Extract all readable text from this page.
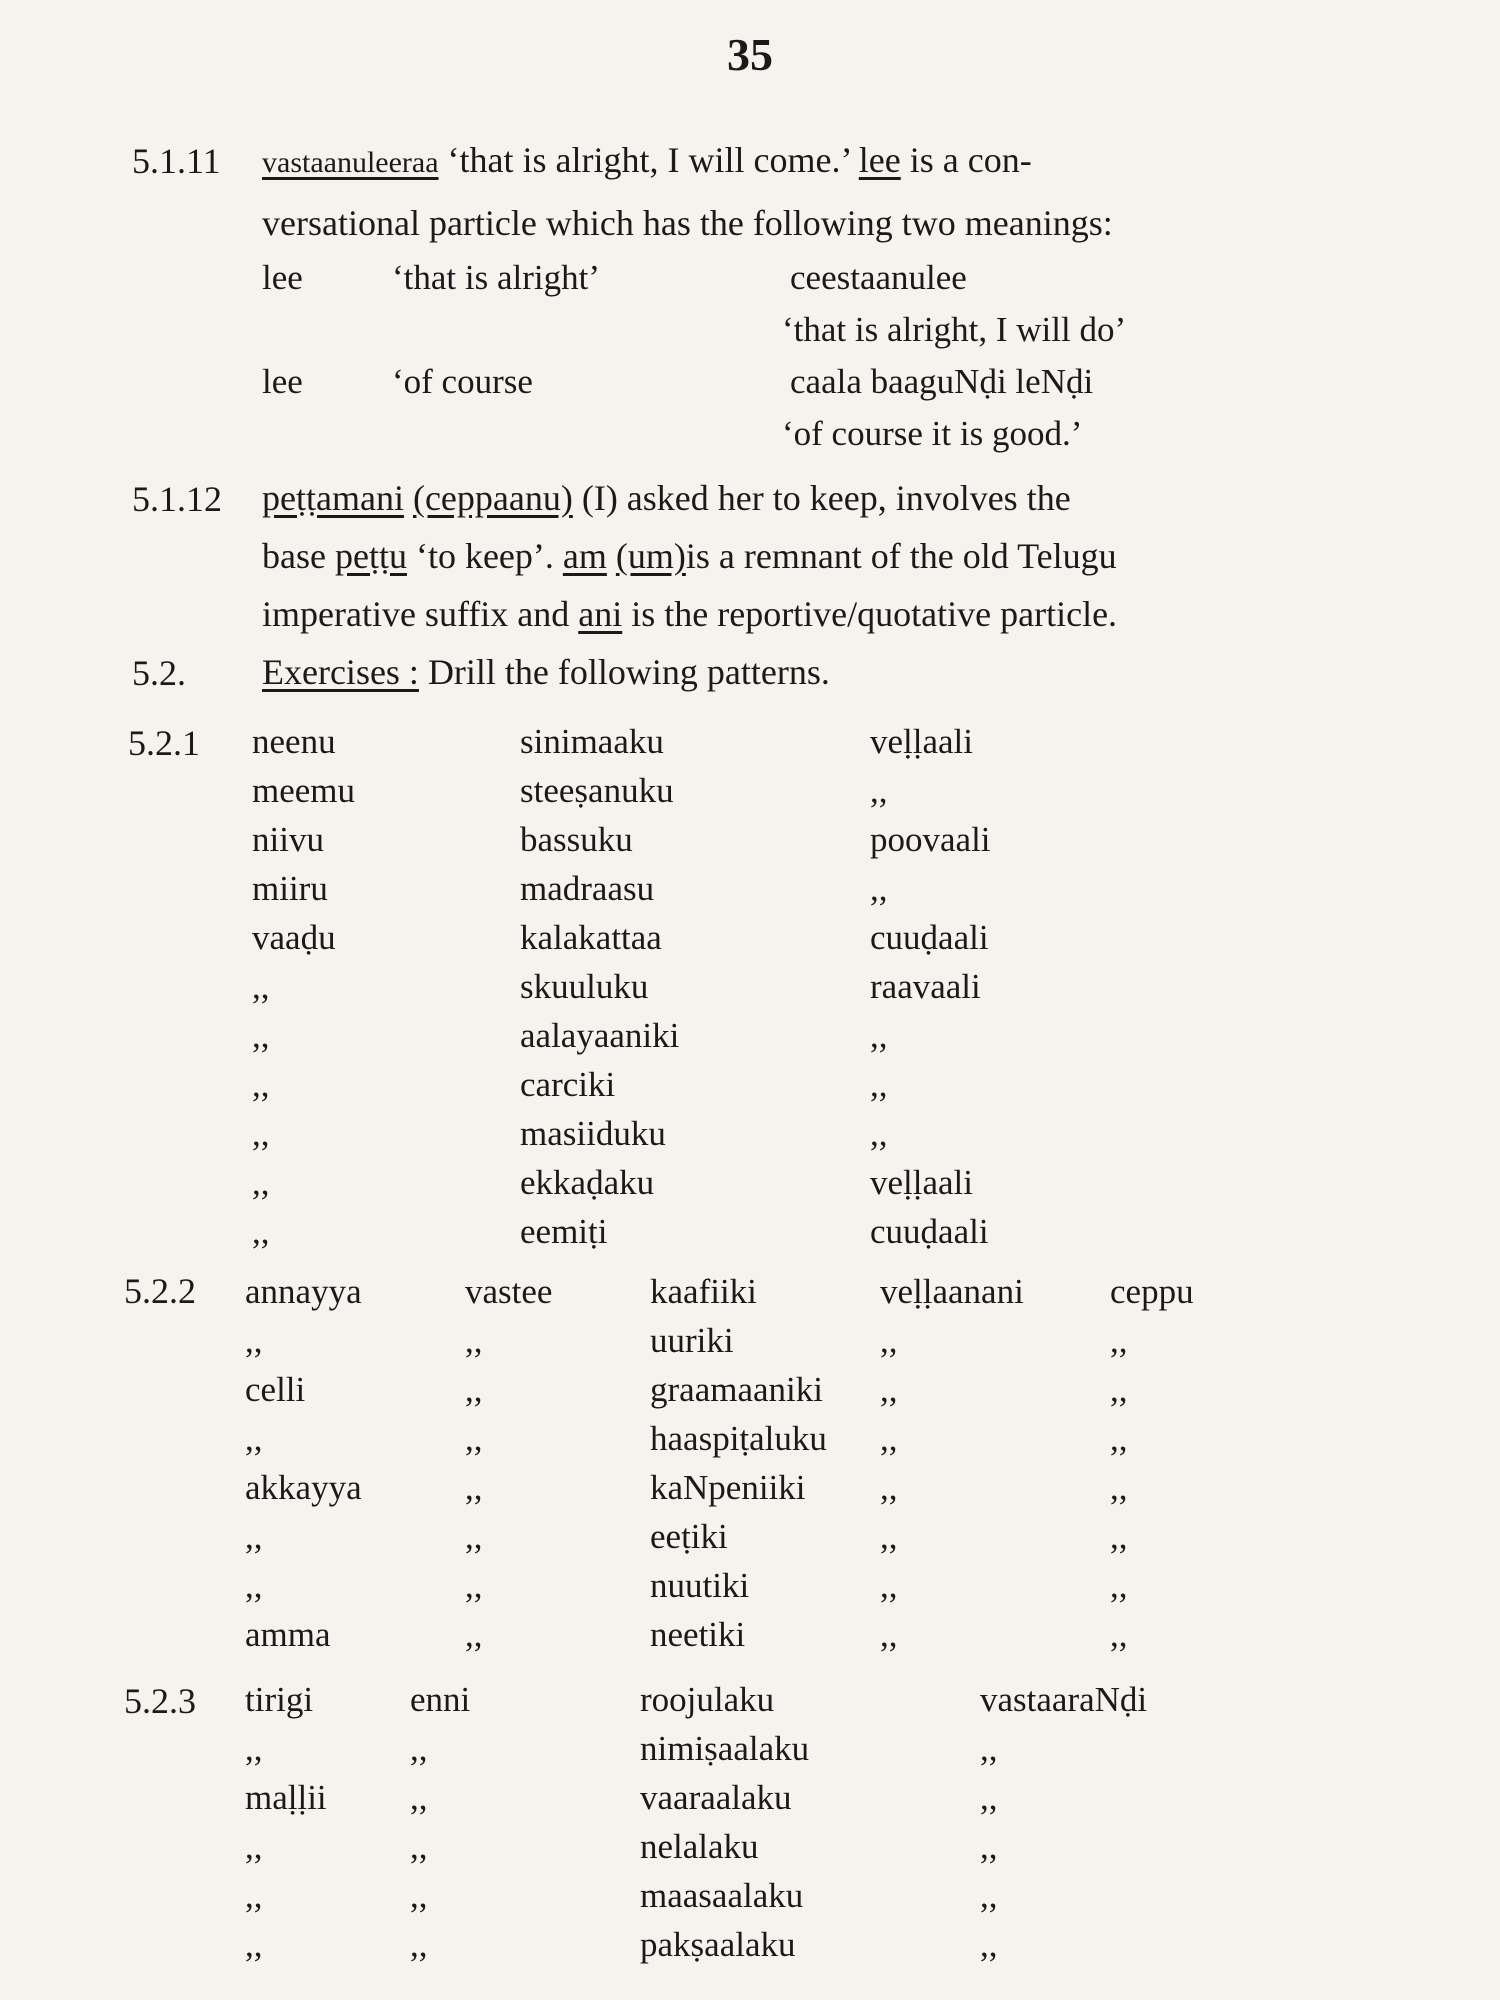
35
5.1.11 vastaanuleeraa ‘that is alright, I will come.’ lee is a con-
versational particle which has the following two meanings:
lee	‘that is alright’	ceestaanulee
‘that is alright, I will do’
lee	‘of course	caala baaguNḍi leNḍi
‘of course it is good.’
5.1.12 peṭṭamani (ceppaanu) (I) asked her to keep, involves the
base peṭṭu ‘to keep’. am (um)is a remnant of the old Telugu
imperative suffix and ani is the reportive/quotative particle.
5.2. Exercises : Drill the following patterns.
5.2.1 neenu	sinimaaku	veḷḷaali
meemu	steeṣanuku	,,
niivu	bassuku	poovaali
miiru	madraasu	,,
vaaḍu	kalakattaa	cuuḍaali
,,	skuuluku	raavaali
,,	aalayaaniki	,,
,,	carciki	,,
,,	masiiduku	,,
,,	ekkaḍaku	veḷḷaali
,,	eemiṭi	cuuḍaali
5.2.2 annayya	vastee	kaafiiki	veḷḷaanani ceppu
,,	,,	uuriki	,,	,,
celli	,,	graamaaniki ,,	,,
,,	,,	haaspiṭaluku ,,	,,
akkayya	,,	kaNpeniiki ,,	,,
,,	,,	eeṭiki	,,	,,
,,	,,	nuutiki	,,	,,
amma	,,	neetiki	,,	,,
5.2.3 tirigi	enni	roojulaku	vastaaraNḍi
,,	,,	nimiṣaalaku	,,
maḷḷii ,,	vaaraalaku	,,
,,	,,	nelalaku	,,
,,	,,	maasaalaku	,,
,,	,,	pakṣaalaku	,,
